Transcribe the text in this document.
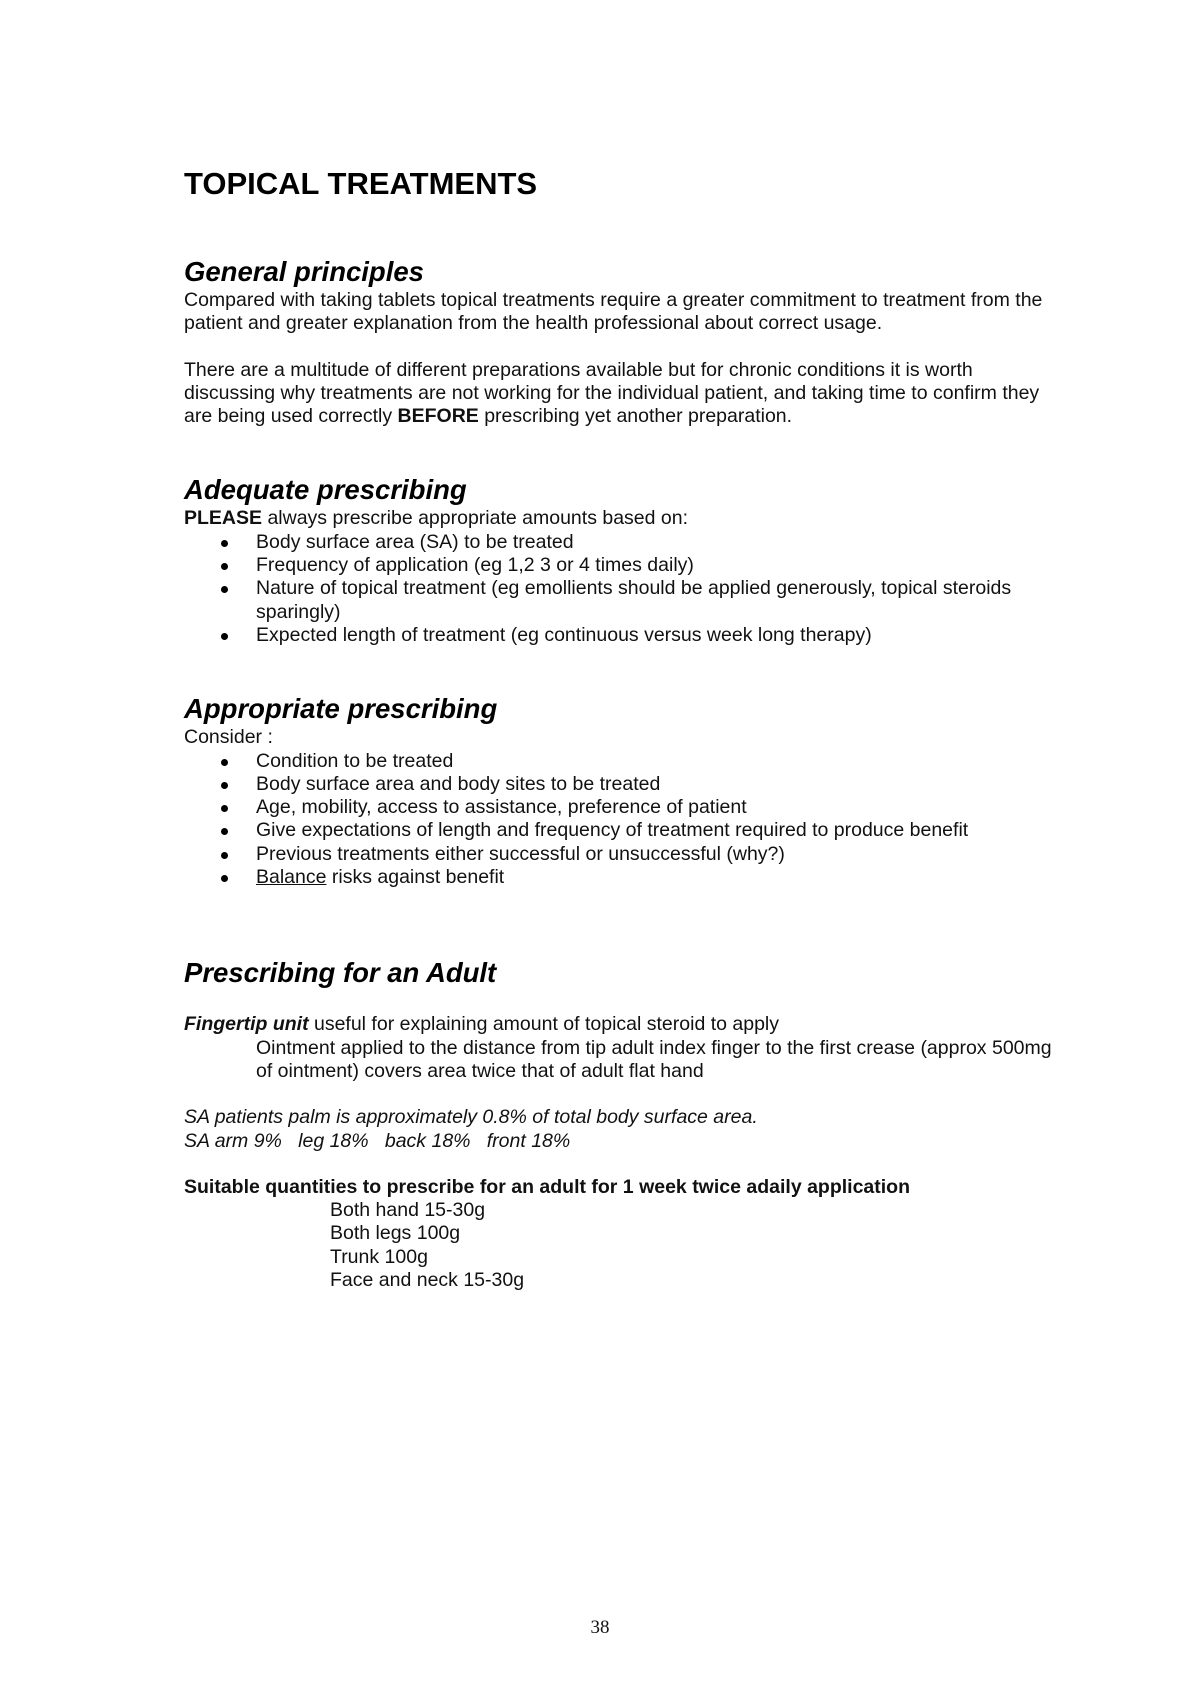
TOPICAL TREATMENTS
General principles

Compared with taking tablets topical treatments require a greater commitment to treatment from the patient and greater explanation from the health professional about correct usage.

There are a multitude of different preparations available but for chronic conditions it is worth discussing why treatments are not working for the individual patient, and taking time to confirm they are being used correctly BEFORE prescribing yet another preparation.

Adequate prescribing

PLEASE always prescribe appropriate amounts based on:

Body surface area (SA) to be treated
Frequency of application (eg 1,2 3 or 4 times daily)
Nature of topical treatment (eg emollients should be applied generously, topical steroids sparingly)
Expected length of treatment (eg continuous versus week long therapy)
Appropriate prescribing

Consider :

Condition to be treated
Body surface area and body sites to be treated
Age, mobility, access to assistance, preference of patient
Give expectations of length and frequency of treatment required to produce benefit
Previous treatments either successful or unsuccessful (why?)
Balance risks against benefit
Prescribing for an Adult

Fingertip unit useful for explaining amount of topical steroid to apply

Ointment applied to the distance from tip adult index finger to the first crease (approx 500mg of ointment) covers area twice that of adult flat hand

SA patients palm is approximately 0.8% of total body surface area.

SA arm 9%   leg 18%   back 18%   front 18%

Suitable quantities to prescribe for an adult for 1 week twice adaily application

Both hand 15-30g

Both legs 100g

Trunk 100g

Face and neck 15-30g

38
